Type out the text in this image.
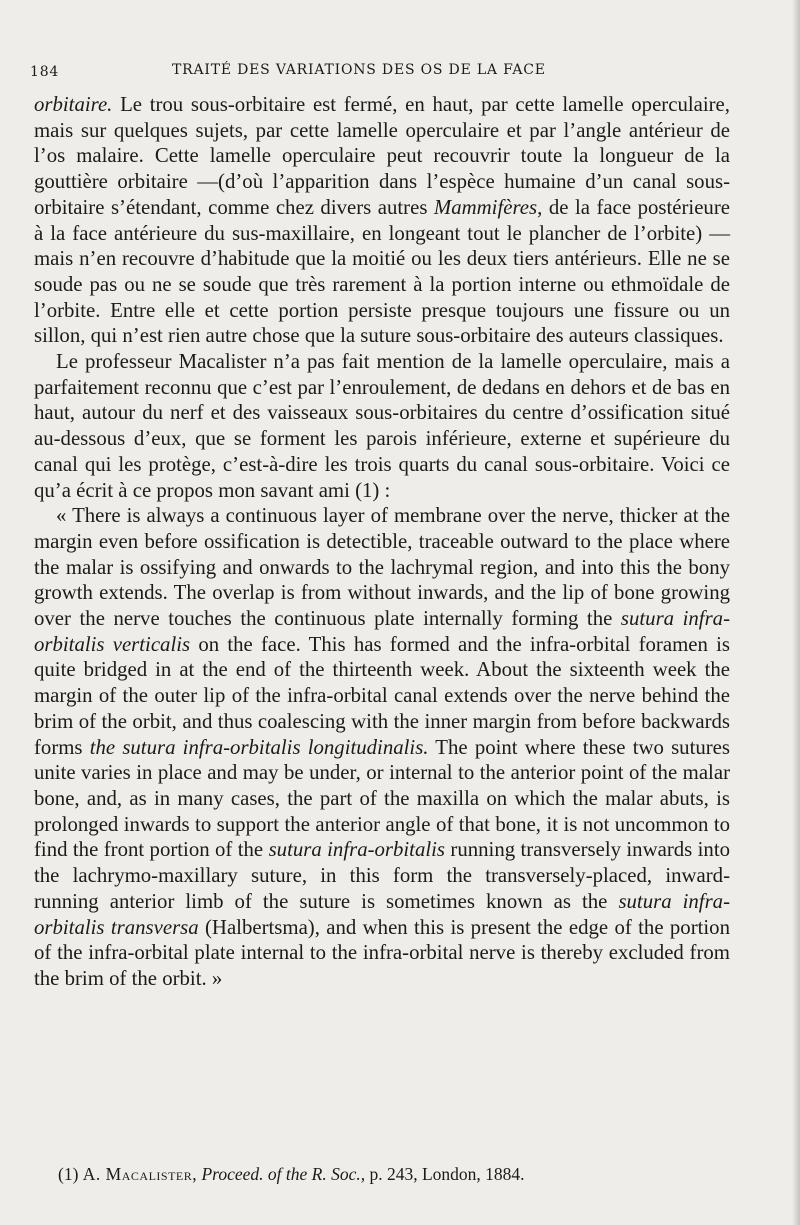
184	TRAITÉ DES VARIATIONS DES OS DE LA FACE

orbitaire. Le trou sous-orbitaire est fermé, en haut, par cette lamelle operculaire, mais sur quelques sujets, par cette lamelle operculaire et par l’angle antérieur de l’os malaire. Cette lamelle operculaire peut recouvrir toute la longueur de la gouttière orbitaire —(d’où l’apparition dans l’espèce humaine d’un canal sous-orbitaire s’étendant, comme chez divers autres Mammifères, de la face postérieure à la face antérieure du sus-maxillaire, en longeant tout le plancher de l’orbite) — mais n’en recouvre d’habitude que la moitié ou les deux tiers antérieurs. Elle ne se soude pas ou ne se soude que très rarement à la portion interne ou ethmoïdale de l’orbite. Entre elle et cette portion persiste presque toujours une fissure ou un sillon, qui n’est rien autre chose que la suture sous-orbitaire des auteurs classiques.

Le professeur Macalister n’a pas fait mention de la lamelle operculaire, mais a parfaitement reconnu que c’est par l’enroulement, de dedans en dehors et de bas en haut, autour du nerf et des vaisseaux sous-orbitaires du centre d’ossification situé au-dessous d’eux, que se forment les parois inférieure, externe et supérieure du canal qui les protège, c’est-à-dire les trois quarts du canal sous-orbitaire. Voici ce qu’a écrit à ce propos mon savant ami (1) :

« There is always a continuous layer of membrane over the nerve, thicker at the margin even before ossification is detectible, traceable outward to the place where the malar is ossifying and onwards to the lachrymal region, and into this the bony growth extends. The overlap is from without inwards, and the lip of bone growing over the nerve touches the continuous plate internally forming the sutura infra-orbitalis verticalis on the face. This has formed and the infra-orbital foramen is quite bridged in at the end of the thirteenth week. About the sixteenth week the margin of the outer lip of the infra-orbital canal extends over the nerve behind the brim of the orbit, and thus coalescing with the inner margin from before backwards forms the sutura infra-orbitalis longitudinalis. The point where these two sutures unite varies in place and may be under, or internal to the anterior point of the malar bone, and, as in many cases, the part of the maxilla on which the malar abuts, is prolonged inwards to support the anterior angle of that bone, it is not uncommon to find the front portion of the sutura infra-orbitalis running transversely inwards into the lachrymo-maxillary suture, in this form the transversely-placed, inward-running anterior limb of the suture is sometimes known as the sutura infra-orbitalis transversa (Halbertsma), and when this is present the edge of the portion of the infra-orbital plate internal to the infra-orbital nerve is thereby excluded from the brim of the orbit. »

(1) A. Macalister, Proceed. of the R. Soc., p. 243, London, 1884.
